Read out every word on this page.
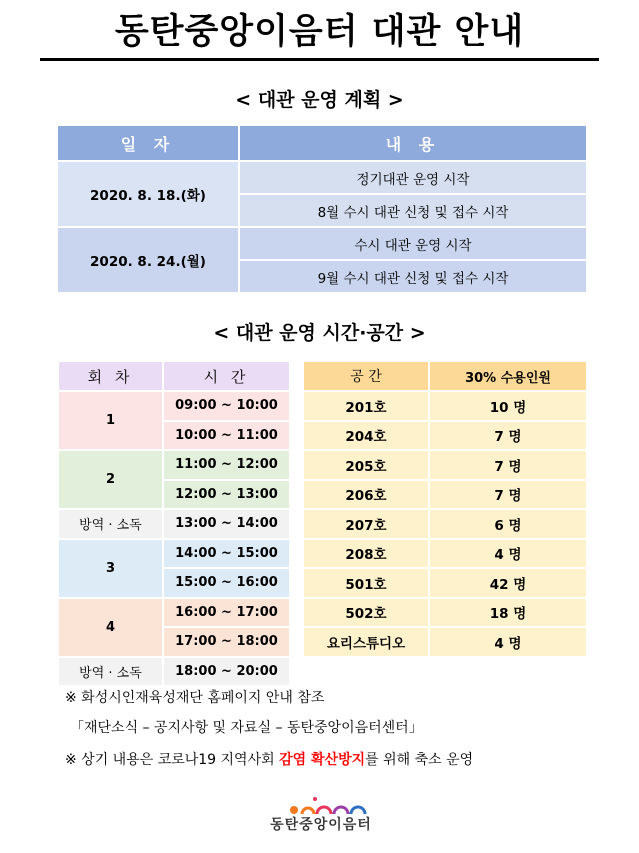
동탄중앙이음터 대관 안내
< 대관 운영 계획 >
일 자	내 용
2020. 8. 18.(화)	정기대관 운영 시작
	8월 수시 대관 신청 및 접수 시작
2020. 8. 24.(월)	수시 대관 운영 시작
	9월 수시 대관 신청 및 접수 시작
< 대관 운영 시간·공간 >
회 차	시 간
1	09:00 ~ 10:00
	10:00 ~ 11:00
2	11:00 ~ 12:00
	12:00 ~ 13:00
방역 · 소독	13:00 ~ 14:00
3	14:00 ~ 15:00
	15:00 ~ 16:00
4	16:00 ~ 17:00
	17:00 ~ 18:00
방역 · 소독	18:00 ~ 20:00
공 간	30% 수용인원
201호	10 명
204호	7 명
205호	7 명
206호	7 명

207호	6 명
208호	4 명
501호	42 명
502호	18 명
요리스튜디오	4 명
※ 화성시인재육성재단 홈페이지 안내 참조
「재단소식 – 공지사항 및 자료실 – 동탄중앙이음터센터」
※ 상기 내용은 코로나19 지역사회 감염 확산방지를 위해 축소 운영
동탄중앙이음터
